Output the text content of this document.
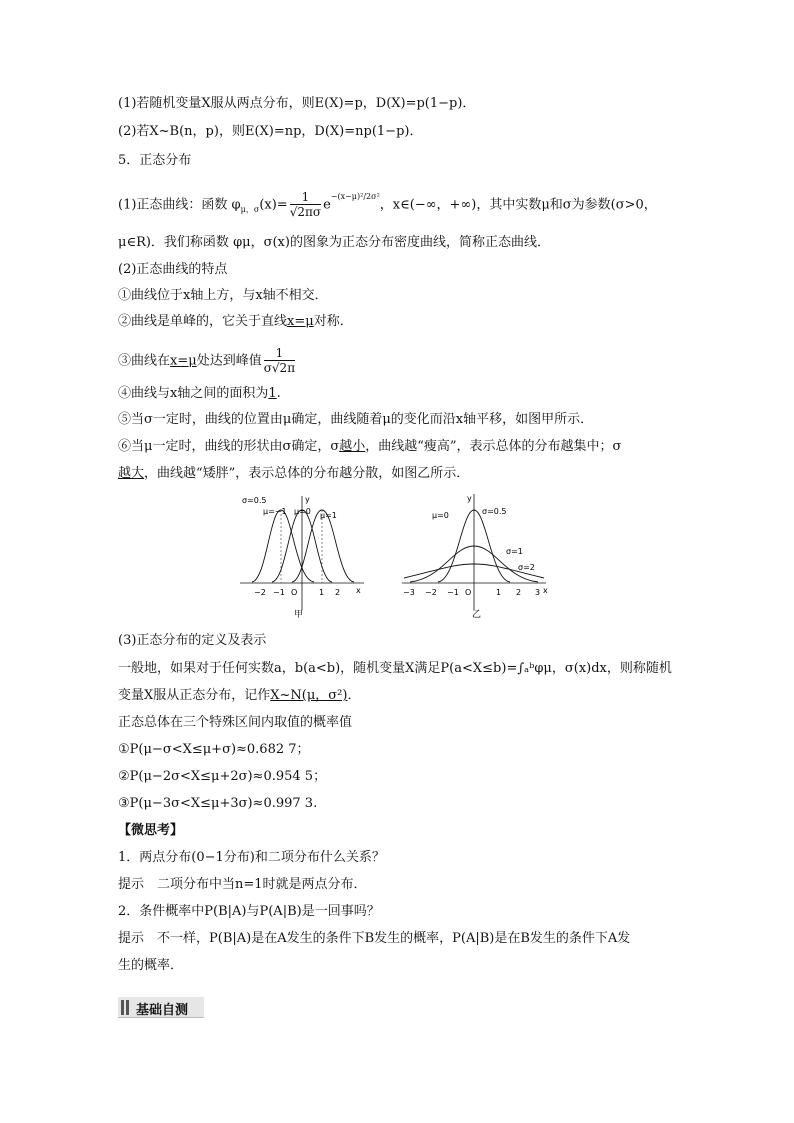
(1)若随机变量X服从两点分布，则E(X)=p，D(X)=p(1−p)．
(2)若X~B(n，p)，则E(X)=np，D(X)=np(1−p)．
5．正态分布
(1)正态曲线：函数 $\varphi_{\mu,\sigma}(x)= \frac{1}{√2\pi\sigma} e^{-(x-\mu)^2/2\sigma^2}$，x∈(−∞，+∞)，其中实数μ和σ为参数(σ>0，
μ∈R)．我们称函数 φμ，σ(x)的图象为正态分布密度曲线，简称正态曲线．
(2)正态曲线的特点
①曲线位于x轴上方，与x轴不相交．
②曲线是单峰的，它关于直线x=μ对称．
③曲线在x=μ处达到峰值 $\frac{1}{\sigma√2\pi}$
④曲线与x轴之间的面积为1.
⑤当σ一定时，曲线的位置由μ确定，曲线随着μ的变化而沿x轴平移，如图甲所示．
⑥当μ一定时，曲线的形状由σ确定，σ越小，曲线越“瘦高”，表示总体的分布越集中；σ
越大，曲线越“矮胖”，表示总体的分布越分散，如图乙所示．
σ=0.5
μ=−1 μ=0 μ=1
y
x
O
−2 −1	1 2
甲
μ=0	σ=0.5
σ=1
σ=2
y
x
O
−3 −2 −1	1 2 3
乙
(3)正态分布的定义及表示
一般地，如果对于任何实数a，b(a<b)，随机变量X满足P(a<X≤b)=∫ₐᵇφμ，σ(x)dx，则称随机
变量X服从正态分布，记作X~N(μ，σ²)．
正态总体在三个特殊区间内取值的概率值
①P(μ−σ<X≤μ+σ)≈0.682 7；
②P(μ−2σ<X≤μ+2σ)≈0.954 5；
③P(μ−3σ<X≤μ+3σ)≈0.997 3.
【微思考】
1．两点分布(0−1分布)和二项分布什么关系？
提示　二项分布中当n=1时就是两点分布．
2．条件概率中P(B|A)与P(A|B)是一回事吗？
提示　不一样，P(B|A)是在A发生的条件下B发生的概率，P(A|B)是在B发生的条件下A发
生的概率．
基础自测
